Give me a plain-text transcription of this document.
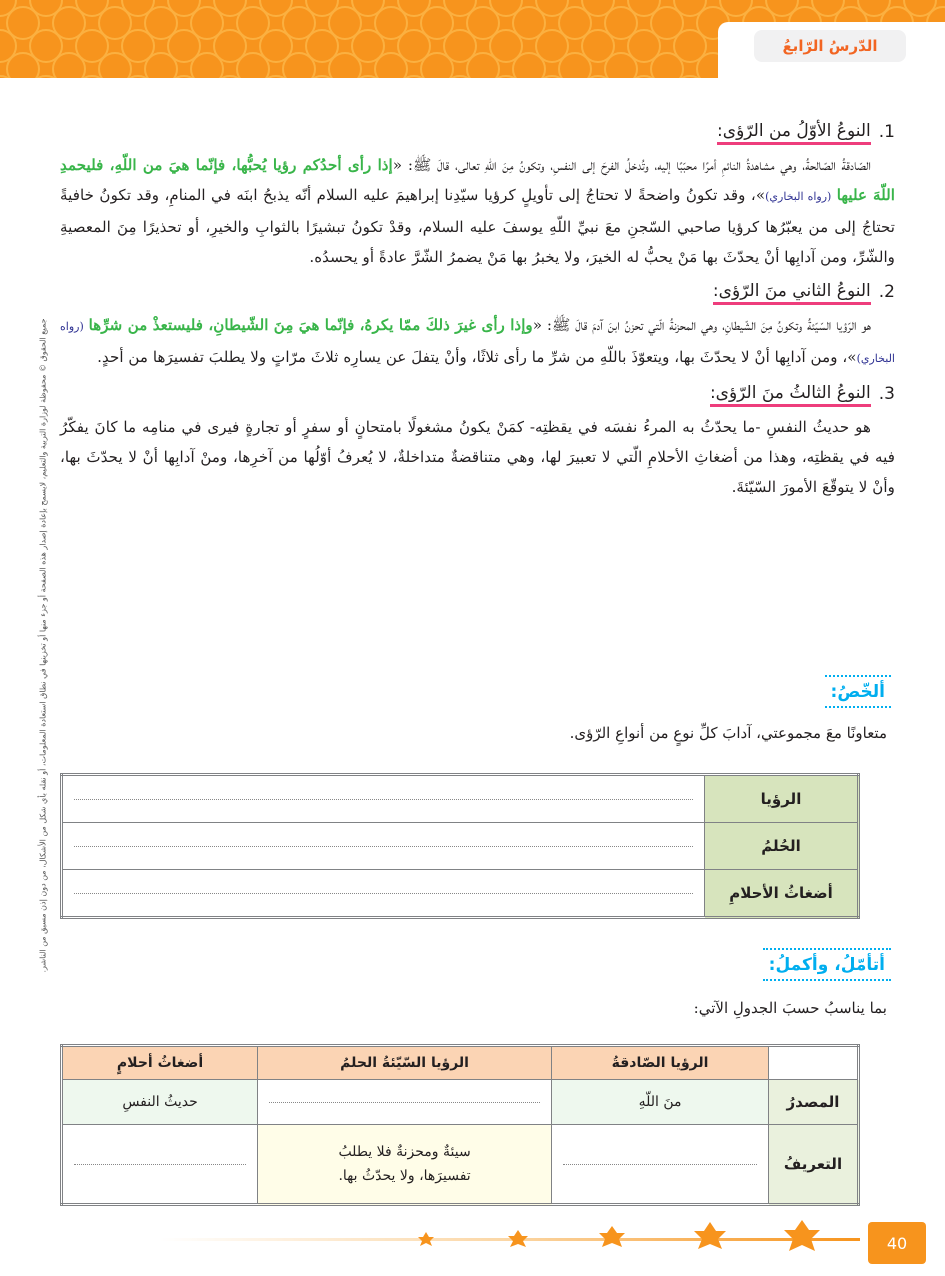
الدّرسُ الرّابعُ
جميع الحقوق © محفوظة لوزارة التربية والتعليم، لايسمح بإعادة إصدار هذه الصفحة أو جزء منها أو تخزينها في نطاق استعادة المعلومات، أو نقله بأي شكل من الأشكال، من دون إذن مسبق من الناشر.
1.
النوعُ الأوّلُ من الرّؤى:

الصّادقةُ الصّالحةُ، وهي مشاهدةُ النائمِ أمرًا محبّبًا إليه، وتُدخلُ الفرحَ إلى النفسِ، وتكونُ مِنَ اللّهِ تعالى، قالَ ﷺ: «إذا رأى أحدُكم رؤيا يُحبُّها، فإنّما هيَ من اللّهِ، فليحمدِ اللّهَ عليها (رواه البخاري)»، وقد تكونُ واضحةً لا تحتاجُ إلى تأويلٍ كرؤيا سيّدِنا إبراهيمَ عليه السلام أنّه يذبحُ ابنَه في المنامِ، وقد تكونُ خافيةً تحتاجُ إلى من يعبّرُها كرؤيا صاحبي السّجنِ معَ نبيِّ اللّهِ يوسفَ عليه السلام، وقدْ تكونُ تبشيرًا بالثوابِ والخيرِ، أو تحذيرًا مِنَ المعصيةِ والشّرِّ، ومن آدابِها أنْ يحدّثَ بها مَنْ يحبُّ له الخيرَ، ولا يخبرُ بها مَنْ يضمرُ الشّرَّ عادةً أو يحسدُه.

2.
النوعُ الثاني منَ الرّؤى:

هو الرّؤيا السّيّئةُ وتكونُ مِنَ الشّيطانِ، وهي المحزنةُ الّتي تحزنُ ابنَ آدمَ قالَ ﷺ: «وإذا رأى غيرَ ذلكَ ممّا يكرهُ، فإنّما هيَ مِنَ الشّيطانِ، فليستعذْ من شرِّها (رواه البخاري)»، ومن آدابِها أنْ لا يحدّثَ بها، ويتعوّذَ باللّهِ من شرِّ ما رأى ثلاثًا، وأنْ يتفلَ عن يسارِه ثلاثَ مرّاتٍ ولا يطلبَ تفسيرَها من أحدٍ.

3.
النوعُ الثالثُ منَ الرّؤى:

هو حديثُ النفسِ -ما يحدّثُ به المرءُ نفسَه في يقظتِه- كمَنْ يكونُ مشغولًا بامتحانٍ أو سفرٍ أو تجارةٍ فيرى في منامِه ما كانَ يفكّرُ فيه في يقظتِه، وهذا من أضغاثِ الأحلامِ الّتي لا تعبيرَ لها، وهي متناقضةٌ متداخلةٌ، لا يُعرفُ أوّلُها من آخرِها، ومنْ آدابِها أنْ لا يحدّثَ بها، وأنْ لا يتوقّعَ الأمورَ السّيّئةَ.

ألخّصُ:
متعاونًا معَ مجموعتي، آدابَ كلِّ نوعٍ من أنواعِ الرّؤى.
الرؤيا	

الحُلمُ	

أضغاثُ الأحلامِ	
أتأمّلُ، وأكملُ:
بما يناسبُ حسبَ الجدولِ الآتي:
	الرؤيا الصّادقةُ	الرؤيا السّيّئةُ الحلمُ	أضغاثُ أحلامٍ
المصدرُ	منَ اللّهِ		حديثُ النفسِ
التعريفُ		سيئةٌ ومحزنةٌ فلا يطلبُ
تفسيرَها، ولا يحدّثُ بها.	

40
